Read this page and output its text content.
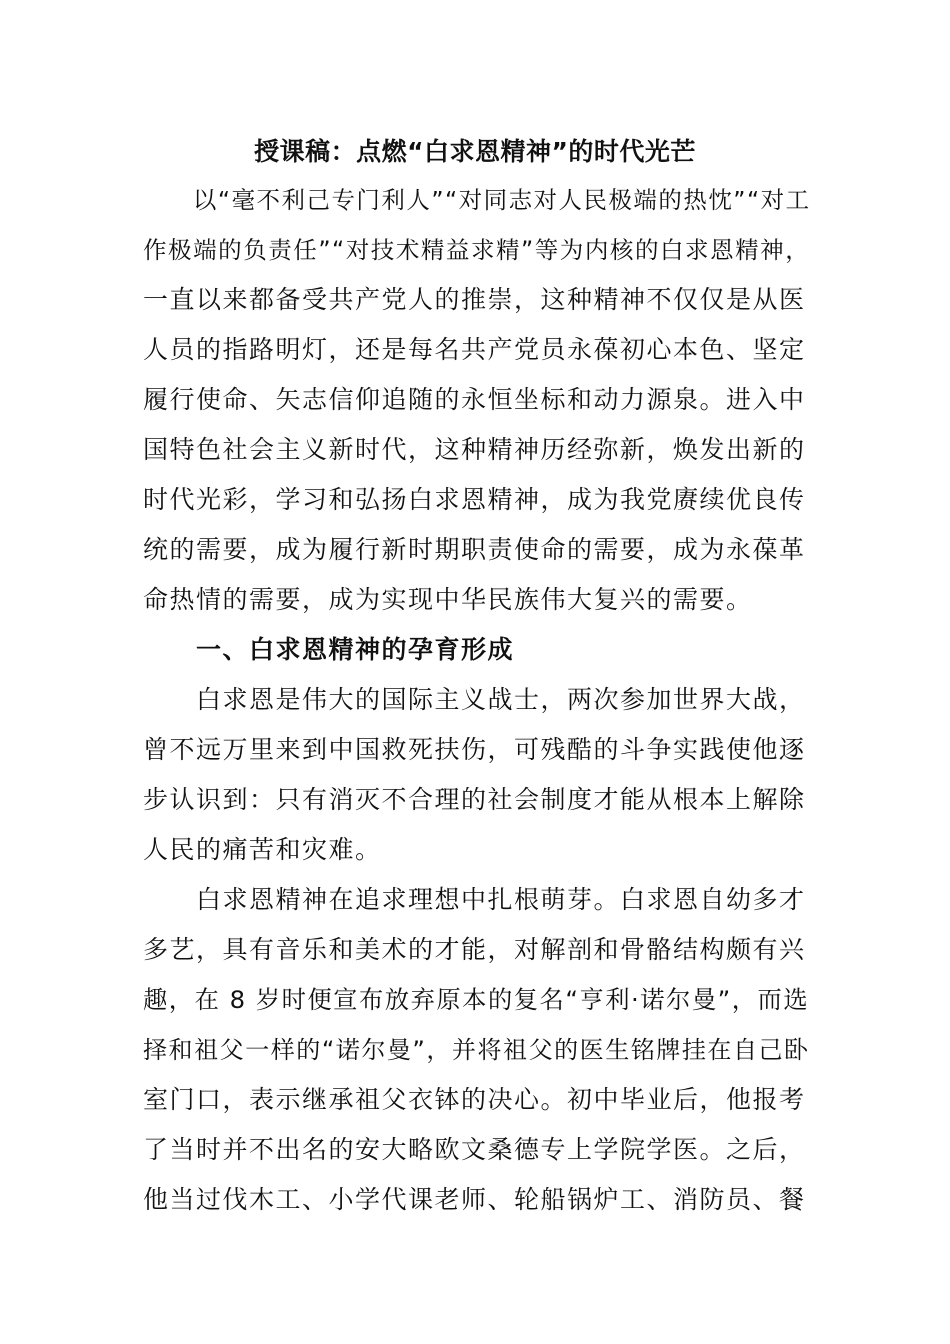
授课稿：点燃“白求恩精神”的时代光芒
　　以“毫不利己专门利人”“对同志对人民极端的热忱”“对工
作极端的负责任”“对技术精益求精”等为内核的白求恩精神，
一直以来都备受共产党人的推崇，这种精神不仅仅是从医
人员的指路明灯，还是每名共产党员永葆初心本色、坚定
履行使命、矢志信仰追随的永恒坐标和动力源泉。进入中
国特色社会主义新时代，这种精神历经弥新，焕发出新的
时代光彩，学习和弘扬白求恩精神，成为我党赓续优良传
统的需要，成为履行新时期职责使命的需要，成为永葆革
命热情的需要，成为实现中华民族伟大复兴的需要。
　　一、白求恩精神的孕育形成
　　白求恩是伟大的国际主义战士，两次参加世界大战，
曾不远万里来到中国救死扶伤，可残酷的斗争实践使他逐
步认识到：只有消灭不合理的社会制度才能从根本上解除
人民的痛苦和灾难。
　　白求恩精神在追求理想中扎根萌芽。白求恩自幼多才
多艺，具有音乐和美术的才能，对解剖和骨骼结构颇有兴
趣，在 8 岁时便宣布放弃原本的复名“亨利·诺尔曼”，而选
择和祖父一样的“诺尔曼”，并将祖父的医生铭牌挂在自己卧
室门口，表示继承祖父衣钵的决心。初中毕业后，他报考
了当时并不出名的安大略欧文桑德专上学院学医。之后，
他当过伐木工、小学代课老师、轮船锅炉工、消防员、餐
